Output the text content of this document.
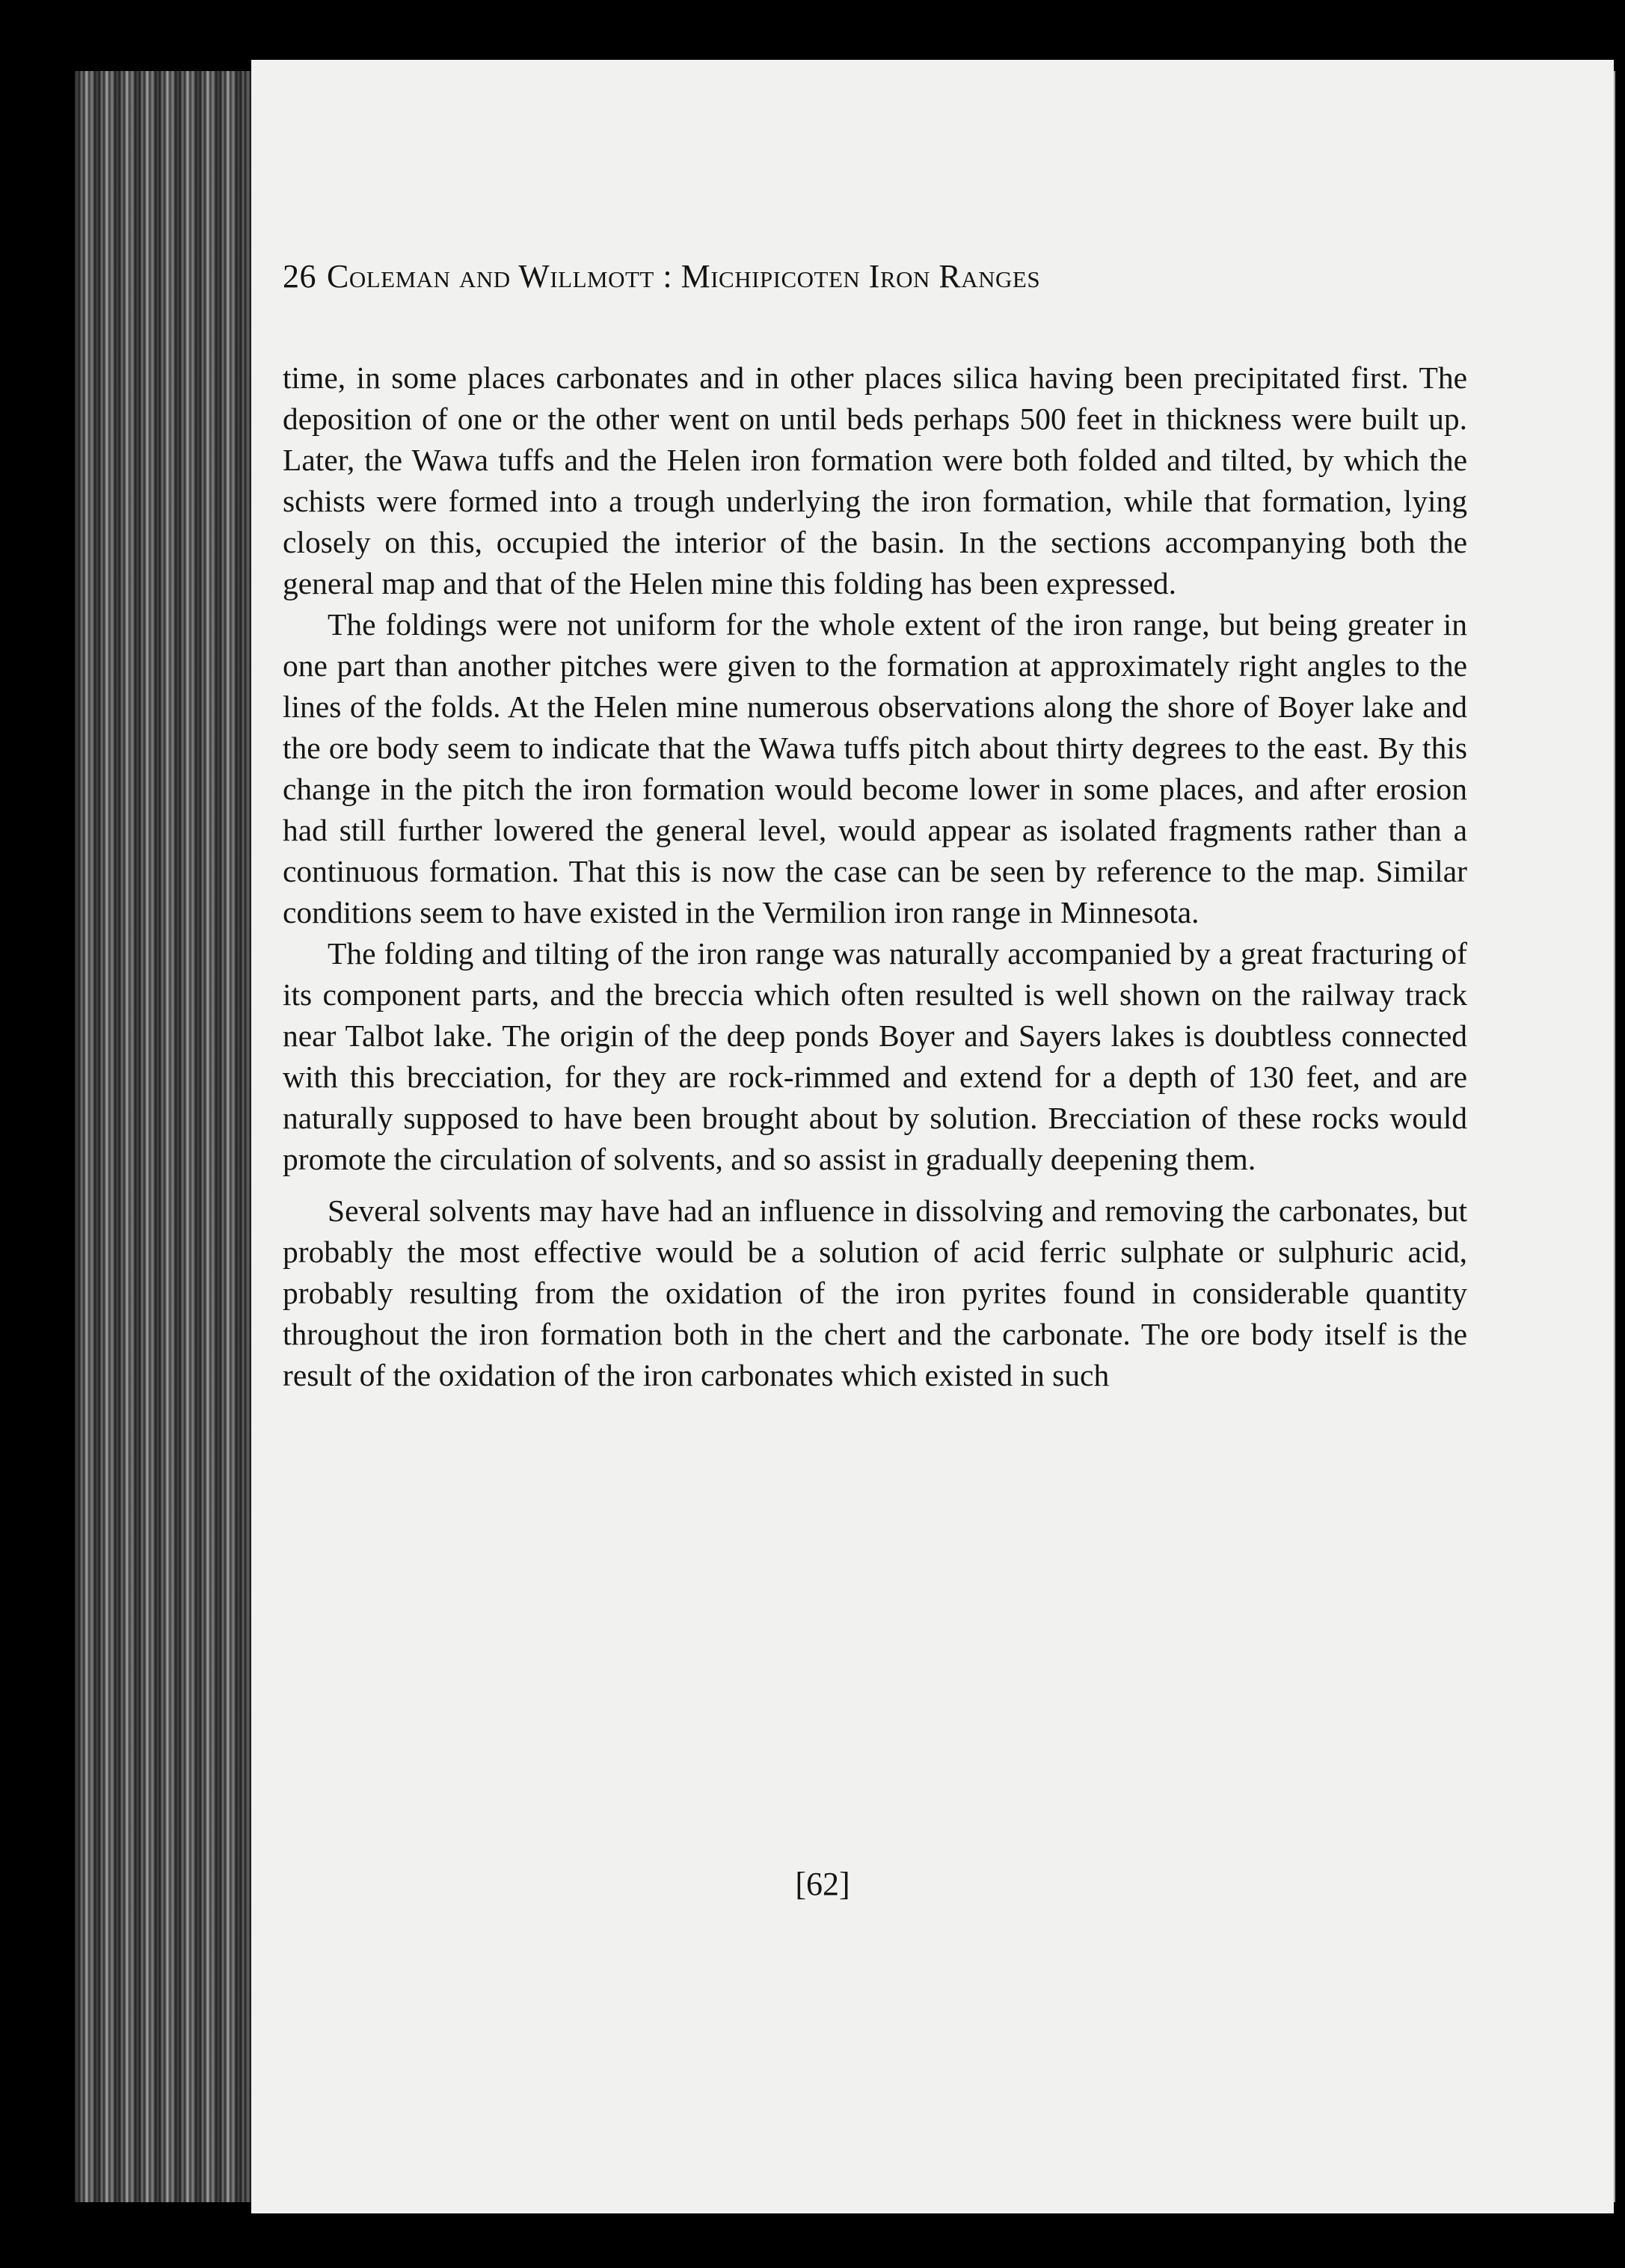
26 Coleman and Willmott : Michipicoten Iron Ranges

time, in some places carbonates and in other places silica having been precipitated first. The deposition of one or the other went on until beds perhaps 500 feet in thickness were built up. Later, the Wawa tuffs and the Helen iron formation were both folded and tilted, by which the schists were formed into a trough underlying the iron formation, while that formation, lying closely on this, occupied the interior of the basin. In the sections accompanying both the general map and that of the Helen mine this folding has been expressed.

The foldings were not uniform for the whole extent of the iron range, but being greater in one part than another pitches were given to the formation at approximately right angles to the lines of the folds. At the Helen mine numerous observations along the shore of Boyer lake and the ore body seem to indicate that the Wawa tuffs pitch about thirty degrees to the east. By this change in the pitch the iron formation would become lower in some places, and after erosion had still further lowered the general level, would appear as isolated fragments rather than a continuous formation. That this is now the case can be seen by reference to the map. Similar conditions seem to have existed in the Vermilion iron range in Minnesota.

The folding and tilting of the iron range was naturally accompanied by a great fracturing of its component parts, and the breccia which often resulted is well shown on the railway track near Talbot lake. The origin of the deep ponds Boyer and Sayers lakes is doubtless connected with this brecciation, for they are rock-rimmed and extend for a depth of 130 feet, and are naturally supposed to have been brought about by solution. Brecciation of these rocks would promote the circulation of solvents, and so assist in gradually deepening them.

Several solvents may have had an influence in dissolving and removing the carbonates, but probably the most effective would be a solution of acid ferric sulphate or sulphuric acid, probably resulting from the oxidation of the iron pyrites found in considerable quantity throughout the iron formation both in the chert and the carbonate. The ore body itself is the result of the oxidation of the iron carbonates which existed in such

[62]
